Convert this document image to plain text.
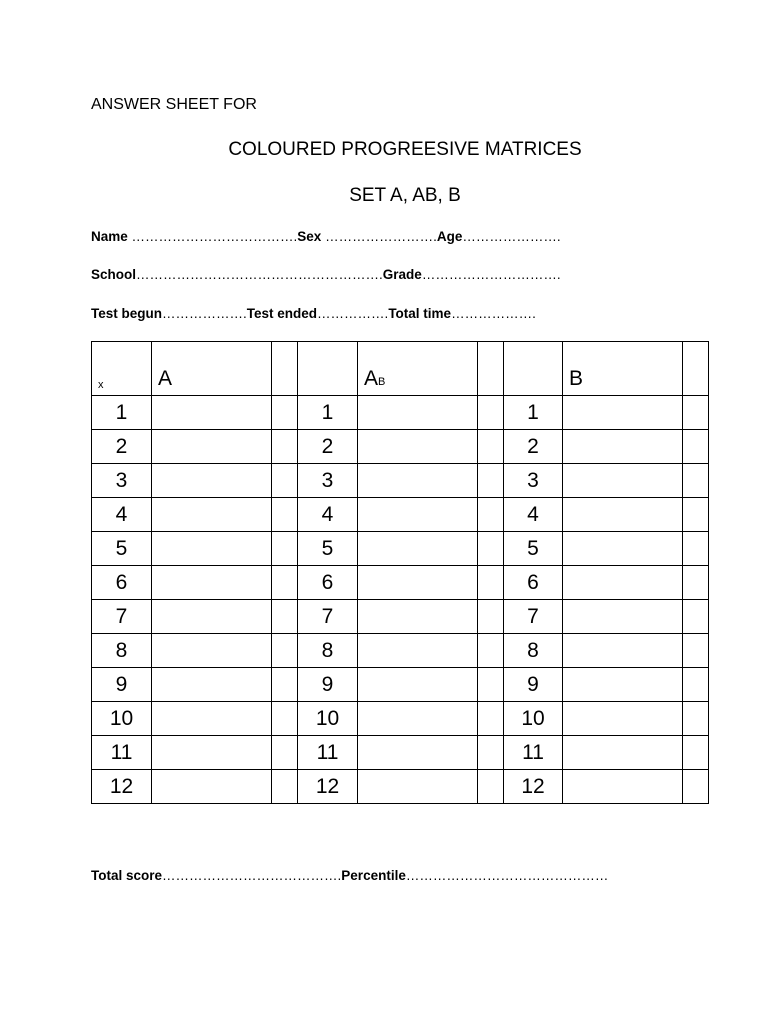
ANSWER SHEET FOR
COLOURED PROGREESIVE MATRICES
SET A, AB, B
Name ……………………………….Sex …………………….Age………………….
School……………………………………………….Grade………………………….
Test begun……………….Test ended…………….Total time……………….
x	A			AB			B	
1			1			1		
2			2			2		
3			3			3		
4			4			4		
5			5			5		
6			6			6		
7			7			7		
8			8			8		
9			9			9		
10			10			10		
11			11			11		
12			12			12		
Total score………………………………….Percentile………………………………………
